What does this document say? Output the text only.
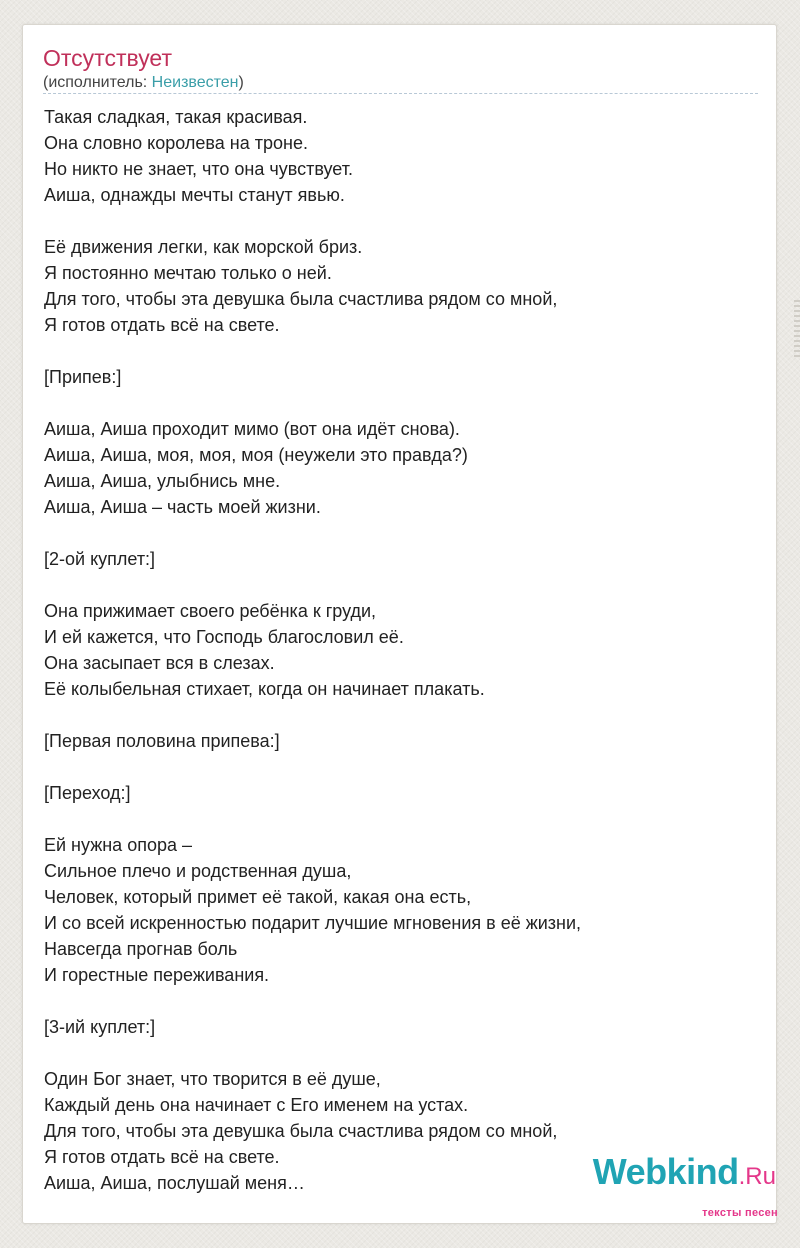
Отсутствует
(исполнитель: Неизвестен)
Такая сладкая, такая красивая.
Она словно королева на троне.
Но никто не знает, что она чувствует.
Аиша, однажды мечты станут явью.

Её движения легки, как морской бриз.
Я постоянно мечтаю только о ней.
Для того, чтобы эта девушка была счастлива рядом со мной,
Я готов отдать всё на свете.

[Припев:]

Аиша, Аиша проходит мимо (вот она идёт снова).
Аиша, Аиша, моя, моя, моя (неужели это правда?)
Аиша, Аиша, улыбнись мне.
Аиша, Аиша – часть моей жизни.

[2-ой куплет:]

Она прижимает своего ребёнка к груди,
И ей кажется, что Господь благословил её.
Она засыпает вся в слезах.
Её колыбельная стихает, когда он начинает плакать.

[Первая половина припева:]

[Переход:]

Ей нужна опора –
Сильное плечо и родственная душа,
Человек, который примет её такой, какая она есть,
И со всей искренностью подарит лучшие мгновения в её жизни,
Навсегда прогнав боль
И горестные переживания.

[3-ий куплет:]

Один Бог знает, что творится в её душе,
Каждый день она начинает с Его именем на устах.
Для того, чтобы эта девушка была счастлива рядом со мной,
Я готов отдать всё на свете.
Аиша, Аиша, послушай меня…	Webkind.Ru
тексты песен
